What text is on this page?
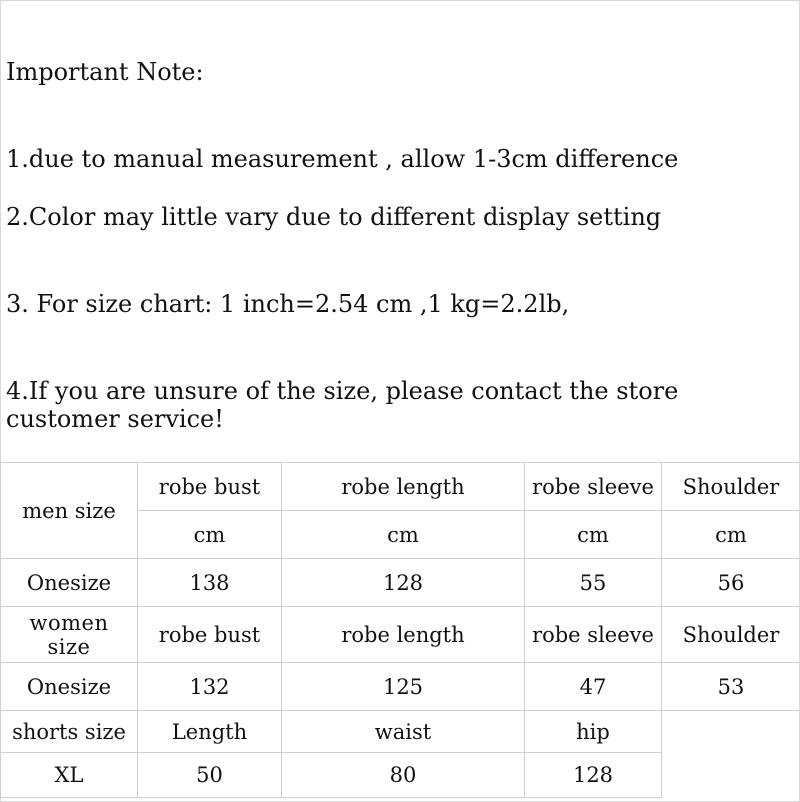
Important Note:
1.due to manual measurement , allow 1-3cm difference
2.Color may little vary due to different display setting
3. For size chart: 1 inch=2.54 cm ,1 kg=2.2lb,
4.If you are unsure of the size, please contact the store customer service!
men size	robe bust	robe length	robe sleeve	Shoulder
	cm	cm	cm	cm
Onesize	138	128	55	56
women size	robe bust	robe length	robe sleeve	Shoulder
Onesize	132	125	47	53
shorts size	Length	waist	hip	
XL	50	80	128	
